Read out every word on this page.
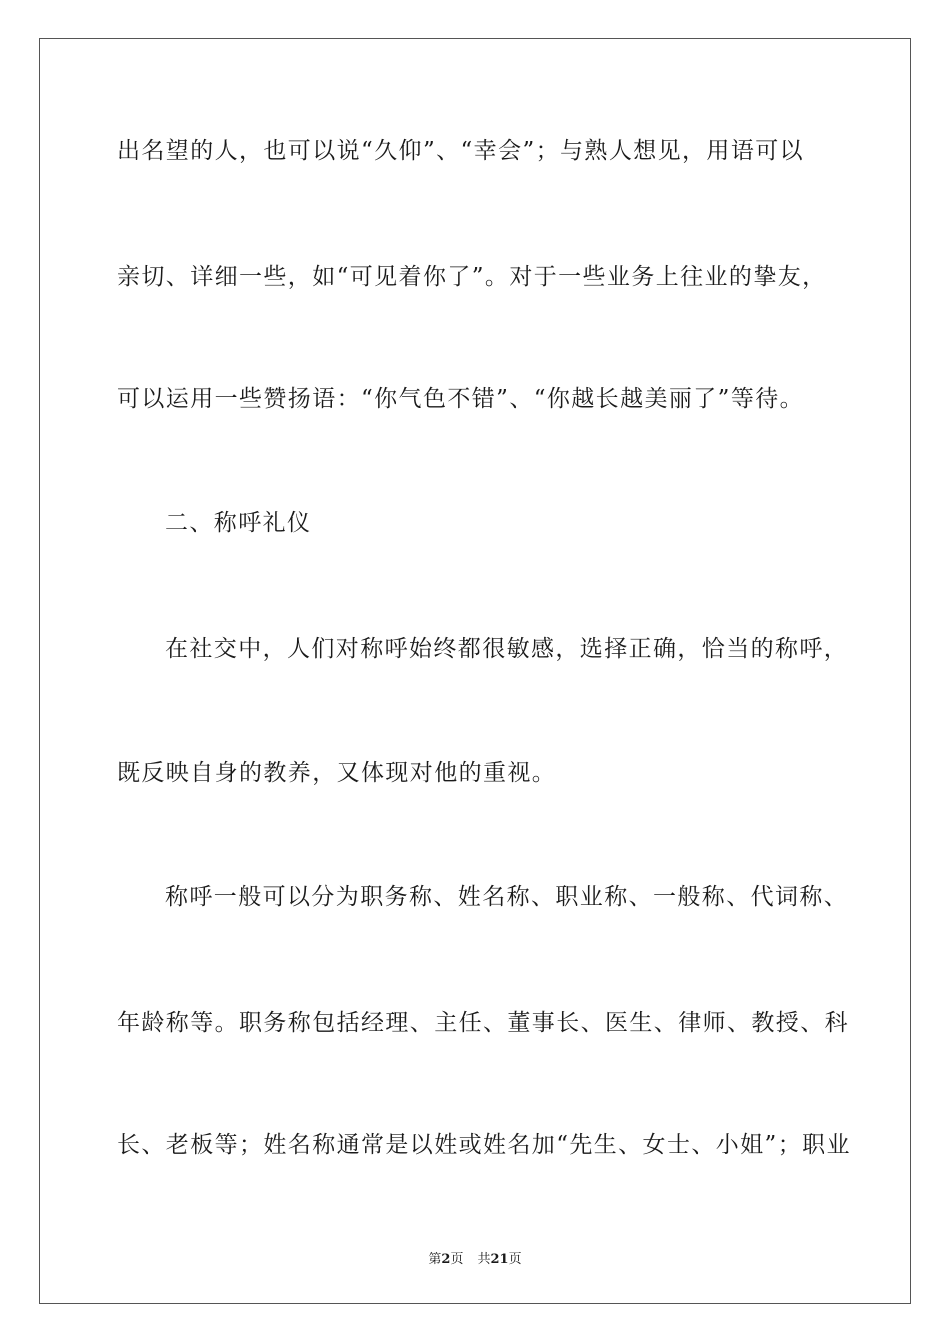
出名望的人，也可以说“久仰”、“幸会”；与熟人想见，用语可以
亲切、详细一些，如“可见着你了”。对于一些业务上往业的挚友，
可以运用一些赞扬语：“你气色不错”、“你越长越美丽了”等待。
二、称呼礼仪
在社交中，人们对称呼始终都很敏感，选择正确，恰当的称呼，
既反映自身的教养，又体现对他的重视。
称呼一般可以分为职务称、姓名称、职业称、一般称、代词称、
年龄称等。职务称包括经理、主任、董事长、医生、律师、教授、科
长、老板等；姓名称通常是以姓或姓名加“先生、女士、小姐”；职业
第2页 共21页
